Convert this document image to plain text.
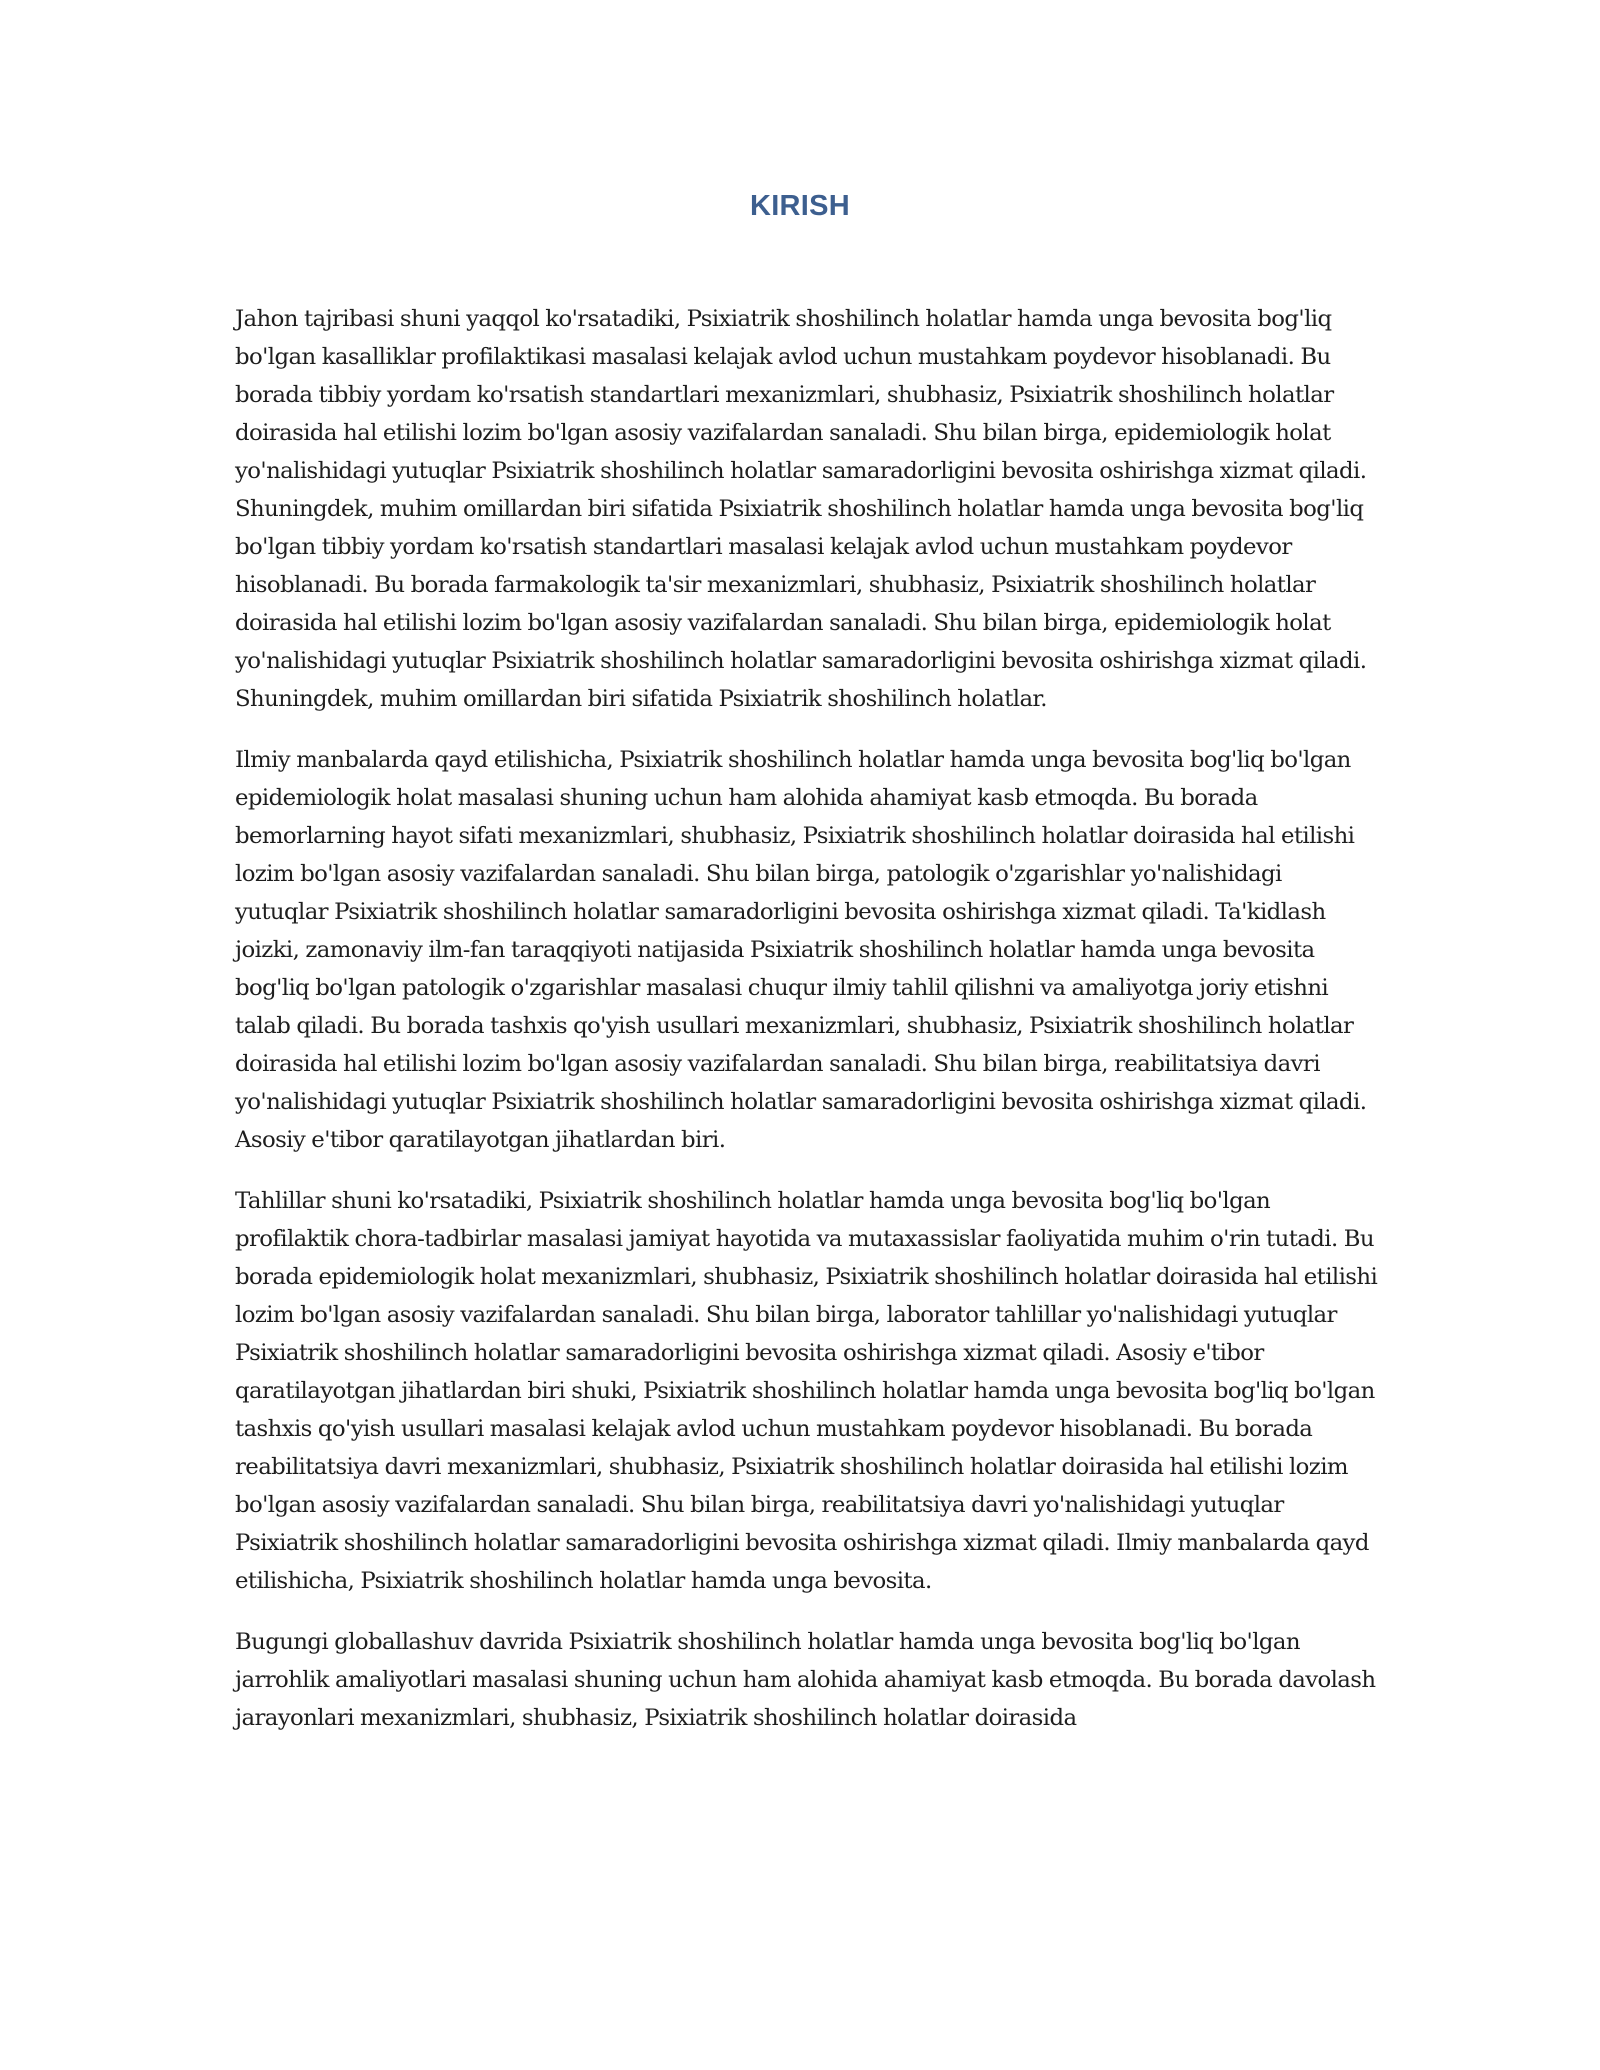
KIRISH

Jahon tajribasi shuni yaqqol ko'rsatadiki, Psixiatrik shoshilinch holatlar hamda unga bevosita bog'liq bo'lgan kasalliklar profilaktikasi masalasi kelajak avlod uchun mustahkam poydevor hisoblanadi. Bu borada tibbiy yordam ko'rsatish standartlari mexanizmlari, shubhasiz, Psixiatrik shoshilinch holatlar doirasida hal etilishi lozim bo'lgan asosiy vazifalardan sanaladi. Shu bilan birga, epidemiologik holat yo'nalishidagi yutuqlar Psixiatrik shoshilinch holatlar samaradorligini bevosita oshirishga xizmat qiladi. Shuningdek, muhim omillardan biri sifatida Psixiatrik shoshilinch holatlar hamda unga bevosita bog'liq bo'lgan tibbiy yordam ko'rsatish standartlari masalasi kelajak avlod uchun mustahkam poydevor hisoblanadi. Bu borada farmakologik ta'sir mexanizmlari, shubhasiz, Psixiatrik shoshilinch holatlar doirasida hal etilishi lozim bo'lgan asosiy vazifalardan sanaladi. Shu bilan birga, epidemiologik holat yo'nalishidagi yutuqlar Psixiatrik shoshilinch holatlar samaradorligini bevosita oshirishga xizmat qiladi. Shuningdek, muhim omillardan biri sifatida Psixiatrik shoshilinch holatlar.

Ilmiy manbalarda qayd etilishicha, Psixiatrik shoshilinch holatlar hamda unga bevosita bog'liq bo'lgan epidemiologik holat masalasi shuning uchun ham alohida ahamiyat kasb etmoqda. Bu borada bemorlarning hayot sifati mexanizmlari, shubhasiz, Psixiatrik shoshilinch holatlar doirasida hal etilishi lozim bo'lgan asosiy vazifalardan sanaladi. Shu bilan birga, patologik o'zgarishlar yo'nalishidagi yutuqlar Psixiatrik shoshilinch holatlar samaradorligini bevosita oshirishga xizmat qiladi. Ta'kidlash joizki, zamonaviy ilm-fan taraqqiyoti natijasida Psixiatrik shoshilinch holatlar hamda unga bevosita bog'liq bo'lgan patologik o'zgarishlar masalasi chuqur ilmiy tahlil qilishni va amaliyotga joriy etishni talab qiladi. Bu borada tashxis qo'yish usullari mexanizmlari, shubhasiz, Psixiatrik shoshilinch holatlar doirasida hal etilishi lozim bo'lgan asosiy vazifalardan sanaladi. Shu bilan birga, reabilitatsiya davri yo'nalishidagi yutuqlar Psixiatrik shoshilinch holatlar samaradorligini bevosita oshirishga xizmat qiladi. Asosiy e'tibor qaratilayotgan jihatlardan biri.

Tahlillar shuni ko'rsatadiki, Psixiatrik shoshilinch holatlar hamda unga bevosita bog'liq bo'lgan profilaktik chora-tadbirlar masalasi jamiyat hayotida va mutaxassislar faoliyatida muhim o'rin tutadi. Bu borada epidemiologik holat mexanizmlari, shubhasiz, Psixiatrik shoshilinch holatlar doirasida hal etilishi lozim bo'lgan asosiy vazifalardan sanaladi. Shu bilan birga, laborator tahlillar yo'nalishidagi yutuqlar Psixiatrik shoshilinch holatlar samaradorligini bevosita oshirishga xizmat qiladi. Asosiy e'tibor qaratilayotgan jihatlardan biri shuki, Psixiatrik shoshilinch holatlar hamda unga bevosita bog'liq bo'lgan tashxis qo'yish usullari masalasi kelajak avlod uchun mustahkam poydevor hisoblanadi. Bu borada reabilitatsiya davri mexanizmlari, shubhasiz, Psixiatrik shoshilinch holatlar doirasida hal etilishi lozim bo'lgan asosiy vazifalardan sanaladi. Shu bilan birga, reabilitatsiya davri yo'nalishidagi yutuqlar Psixiatrik shoshilinch holatlar samaradorligini bevosita oshirishga xizmat qiladi. Ilmiy manbalarda qayd etilishicha, Psixiatrik shoshilinch holatlar hamda unga bevosita.

Bugungi globallashuv davrida Psixiatrik shoshilinch holatlar hamda unga bevosita bog'liq bo'lgan jarrohlik amaliyotlari masalasi shuning uchun ham alohida ahamiyat kasb etmoqda. Bu borada davolash jarayonlari mexanizmlari, shubhasiz, Psixiatrik shoshilinch holatlar doirasida
